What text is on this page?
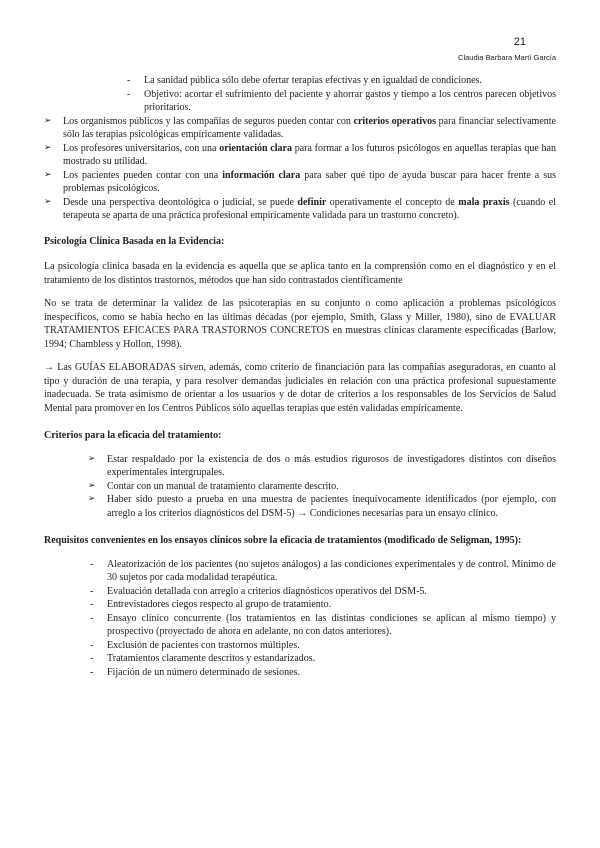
21
Claudia Barbara Martí García
- La sanidad pública sólo debe ofertar terapias efectivas y en igualdad de condiciones.
- Objetivo: acortar el sufrimiento del paciente y ahorrar gastos y tiempo a los centros parecen objetivos prioritarios.
➢ Los organismos públicos y las compañías de seguros pueden contar con criterios operativos para financiar selectivamente sólo las terapias psicológicas empíricamente validadas.
➢ Los profesores universitarios, con una orientación clara para formar a los futuros psicólogos en aquellas terapias que han mostrado su utilidad.
➢ Los pacientes pueden contar con una información clara para saber qué tipo de ayuda buscar para hacer frente a sus problemas psicológicos.
➢ Desde una perspectiva deontológica o judicial, se puede definir operativamente el concepto de mala praxis (cuando el terapeuta se aparta de una práctica profesional empíricamente validada para un trastorno concreto).
Psicología Clínica Basada en la Evidencia:

La psicología clínica basada en la evidencia es aquella que se aplica tanto en la comprensión como en el diagnóstico y en el tratamiento de los distintos trastornos, métodos que han sido contrastados científicamente

No se trata de determinar la validez de las psicoterapias en su conjunto o como aplicación a problemas psicológicos inespecíficos, como se había hecho en las últimas décadas (por ejemplo, Smith, Glass y Miller, 1980), sino de EVALUAR TRATAMIENTOS EFICACES PARA TRASTORNOS CONCRETOS en muestras clínicas claramente especificadas (Barlow, 1994; Chambless y Hollon, 1998).

→ Las GUÍAS ELABORADAS sirven, además, como criterio de financiación para las compañías aseguradoras, en cuanto al tipo y duración de una terapia, y para resolver demandas judiciales en relación con una práctica profesional supuestamente inadecuada. Se trata asimismo de orientar a los usuarios y de dotar de criterios a los responsables de los Servicios de Salud Mental para promover en los Centros Públicos sólo aquellas terapias que estén validadas empíricamente.

Criterios para la eficacia del tratamiento:
➢ Estar respaldado por la existencia de dos o más estudios rigurosos de investigadores distintos con diseños experimentales intergrupales.
➢ Contar con un manual de tratamiento claramente descrito.
➢ Haber sido puesto a prueba en una muestra de pacientes inequívocamente identificados (por ejemplo, con arreglo a los criterios diagnósticos del DSM-5) → Condiciones necesarias para un ensayo clínico.
Requisitos convenientes en los ensayos clínicos sobre la eficacia de tratamientos (modificado de Seligman, 1995):
- Aleatorización de los pacientes (no sujetos análogos) a las condiciones experimentales y de control. Mínimo de 30 sujetos por cada modalidad terapéutica.
- Evaluación detallada con arreglo a criterios diagnósticos operativos del DSM-5.
- Entrevistadores ciegos respecto al grupo de tratamiento.
- Ensayo clínico concurrente (los tratamientos en las distintas condiciones se aplican al mismo tiempo) y prospectivo (proyectado de ahora en adelante, no con datos anteriores).
- Exclusión de pacientes con trastornos múltiples.
- Tratamientos claramente descritos y estandarizados.
- Fijación de un número determinado de sesiones.
